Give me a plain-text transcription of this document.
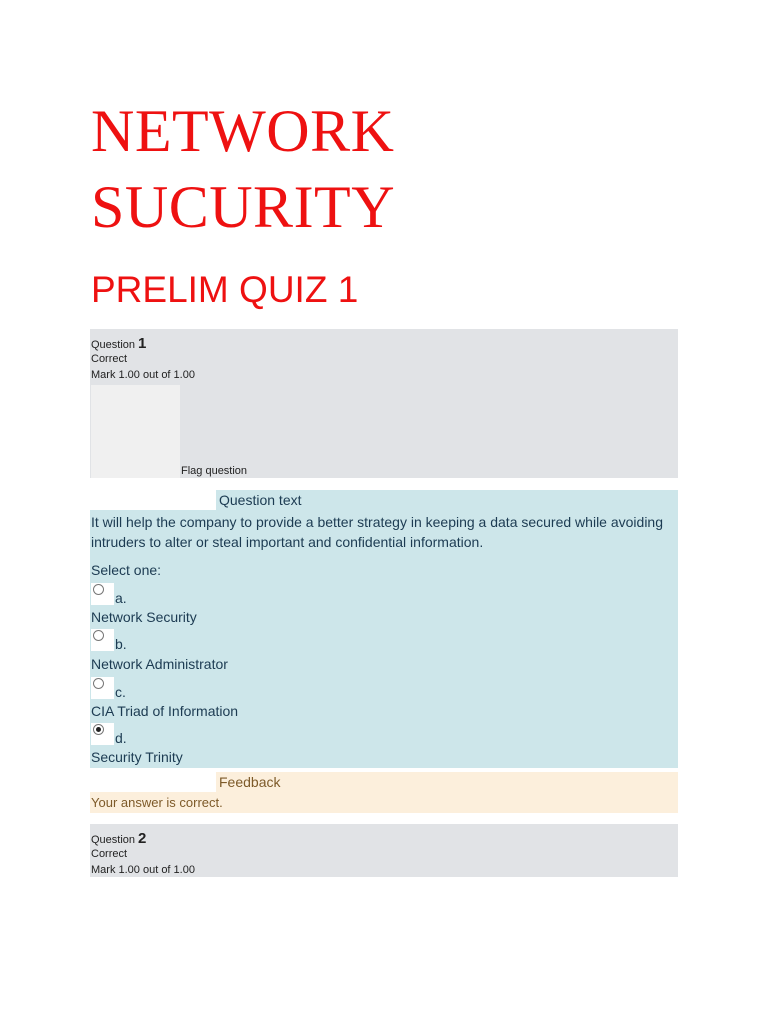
NETWORK
SUCURITY
PRELIM QUIZ 1
Question 1
Correct
Mark 1.00 out of 1.00
Flag question
Question text
It will help the company to provide a better strategy in keeping a data secured while avoiding intruders to alter or steal important and confidential information.
Select one:
a.
Network Security
b.
Network Administrator
c.
CIA Triad of Information
d.
Security Trinity
Feedback
Your answer is correct.
Question 2
Correct
Mark 1.00 out of 1.00
